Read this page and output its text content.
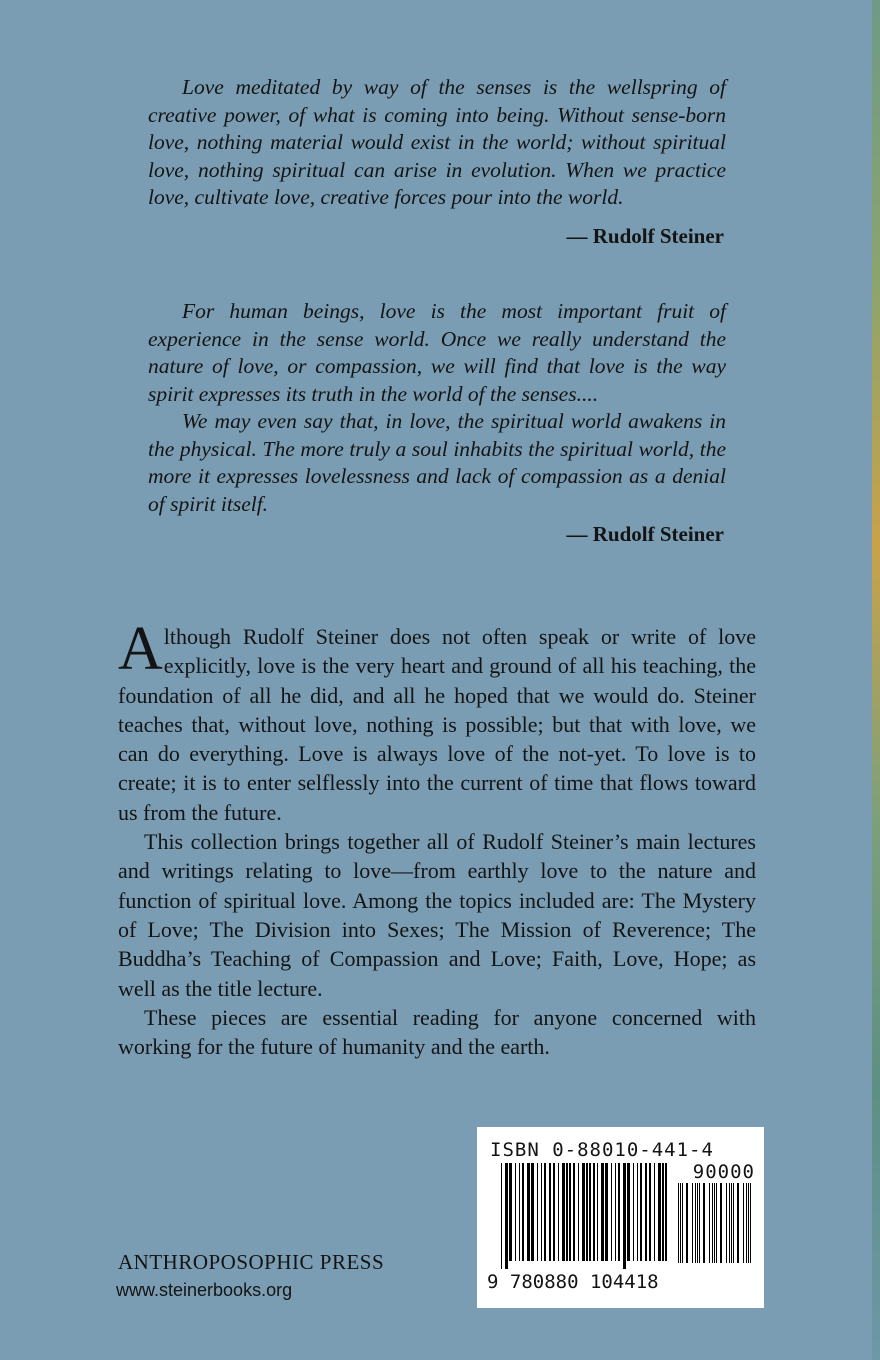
Love meditated by way of the senses is the wellspring of creative power, of what is coming into being. Without sense-born love, nothing material would exist in the world; without spiritual love, nothing spiritual can arise in evolution. When we practice love, cultivate love, creative forces pour into the world.

— Rudolf Steiner

For human beings, love is the most important fruit of experience in the sense world. Once we really understand the nature of love, or compassion, we will find that love is the way spirit expresses its truth in the world of the senses....

We may even say that, in love, the spiritual world awakens in the physical. The more truly a soul inhabits the spiritual world, the more it expresses lovelessness and lack of compassion as a denial of spirit itself.

— Rudolf Steiner

Although Rudolf Steiner does not often speak or write of love explicitly, love is the very heart and ground of all his teaching, the foundation of all he did, and all he hoped that we would do. Steiner teaches that, without love, nothing is possible; but that with love, we can do everything. Love is always love of the not-yet. To love is to create; it is to enter selflessly into the current of time that flows toward us from the future.

This collection brings together all of Rudolf Steiner’s main lectures and writings relating to love—from earthly love to the nature and function of spiritual love. Among the topics included are: The Mystery of Love; The Division into Sexes; The Mission of Reverence; The Buddha’s Teaching of Compassion and Love; Faith, Love, Hope; as well as the title lecture.

These pieces are essential reading for anyone concerned with working for the future of humanity and the earth.

ANTHROPOSOPHIC PRESS
www.steinerbooks.org
ISBN 0-88010-441-4
90000
9 780880 104418
